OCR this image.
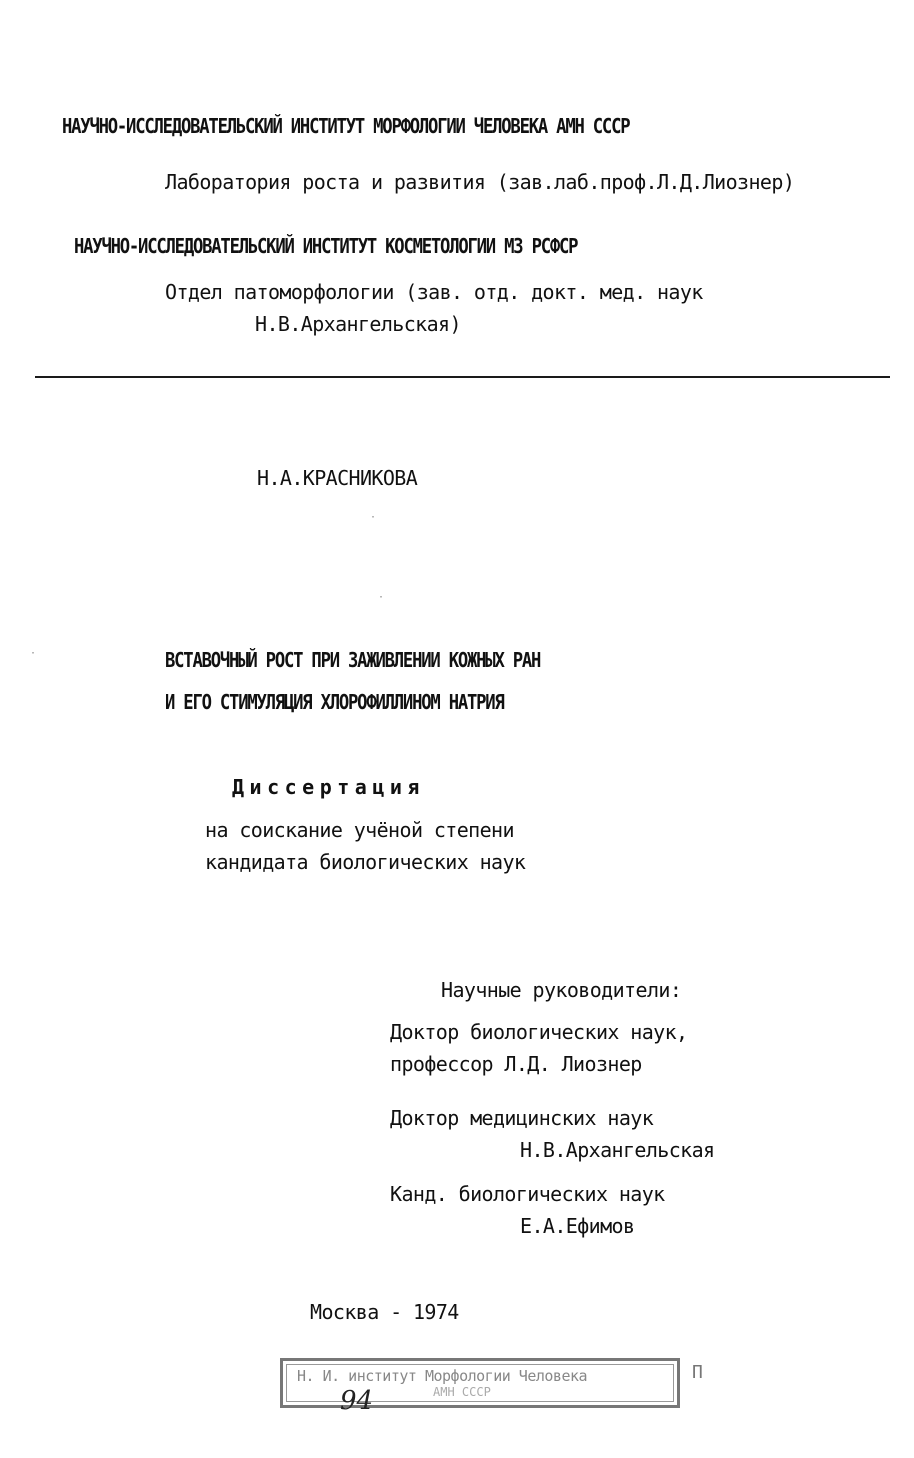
НАУЧНО-ИССЛЕДОВАТЕЛЬСКИЙ ИНСТИТУТ МОРФОЛОГИИ ЧЕЛОВЕКА АМН СССР
Лаборатория роста и развития (зав.лаб.проф.Л.Д.Лиознер)
НАУЧНО-ИССЛЕДОВАТЕЛЬСКИЙ ИНСТИТУТ КОСМЕТОЛОГИИ МЗ РСФСР
Отдел патоморфологии (зав. отд. докт. мед. наук
Н.В.Архангельская)
Н.А.КРАСНИКОВА
ВСТАВОЧНЫЙ РОСТ ПРИ ЗАЖИВЛЕНИИ КОЖНЫХ РАН
И ЕГО СТИМУЛЯЦИЯ ХЛОРОФИЛЛИНОМ НАТРИЯ
Диссертация
на соискание учёной степени
кандидата биологических наук
Научные руководители:
Доктор биологических наук,
профессор Л.Д. Лиознер
Доктор медицинских наук
Н.В.Архангельская
Канд. биологических наук
Е.А.Ефимов
Москва - 1974
Н. И. институт Морфологии Человека
АМН СССР
94
П
·
·
·
